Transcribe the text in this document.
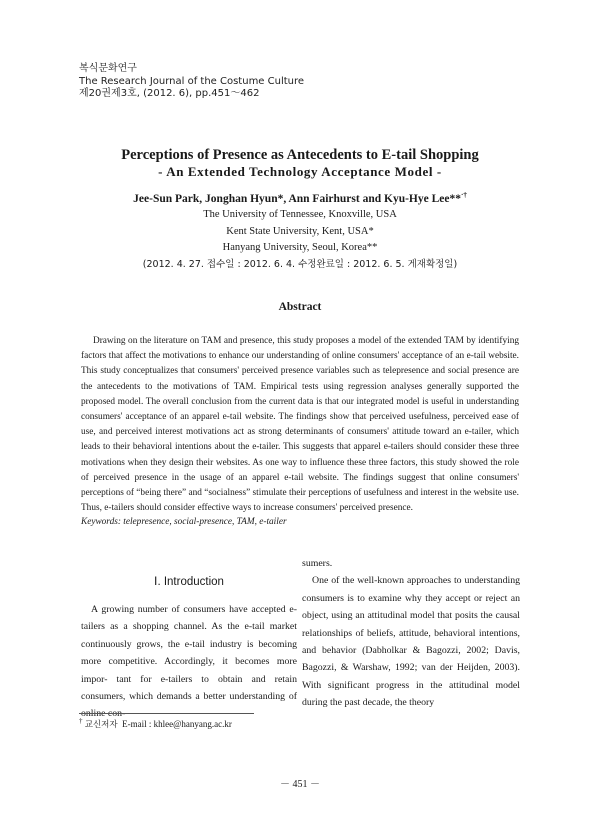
복식문화연구
The Research Journal of the Costume Culture
제20권제3호, (2012. 6), pp.451～462
Perceptions of Presence as Antecedents to E-tail Shopping
- An Extended Technology Acceptance Model -
Jee-Sun Park, Jonghan Hyun*, Ann Fairhurst and Kyu-Hye Lee**·†
The University of Tennessee, Knoxville, USA
Kent State University, Kent, USA*
Hanyang University, Seoul, Korea**
(2012. 4. 27. 접수일 : 2012. 6. 4. 수정완료일 : 2012. 6. 5. 게재확정일)
Abstract

Drawing on the literature on TAM and presence, this study proposes a model of the extended TAM by identifying factors that affect the motivations to enhance our understanding of online consumers' acceptance of an e-tail website. This study conceptualizes that consumers' perceived presence variables such as telepresence and social presence are the antecedents to the motivations of TAM. Empirical tests using regression analyses generally supported the proposed model. The overall conclusion from the current data is that our integrated model is useful in understanding consumers' acceptance of an apparel e-tail website. The findings show that perceived usefulness, perceived ease of use, and perceived interest motivations act as strong determinants of consumers' attitude toward an e-tailer, which leads to their behavioral intentions about the e-tailer. This suggests that apparel e-tailers should consider these three motivations when they design their websites. As one way to influence these three factors, this study showed the role of perceived presence in the usage of an apparel e-tail website. The findings suggest that online consumers' perceptions of “being there” and “socialness” stimulate their perceptions of usefulness and interest in the website use. Thus, e-tailers should consider effective ways to increase consumers' perceived presence.

Keywords: telepresence, social-presence, TAM, e-tailer
Ⅰ. Introduction

A growing number of consumers have accepted e-tailers as a shopping channel. As the e-tail market continuously grows, the e-tail industry is becoming more competitive. Accordingly, it becomes more impor- tant for e-tailers to obtain and retain consumers, which demands a better understanding of online con-

sumers.

One of the well-known approaches to understanding consumers is to examine why they accept or reject an object, using an attitudinal model that posits the causal relationships of beliefs, attitude, behavioral intentions, and behavior (Dabholkar & Bagozzi, 2002; Davis, Bagozzi, & Warshaw, 1992; van der Heijden, 2003). With significant progress in the attitudinal model during the past decade, the theory

† 교신저자 E-mail : khlee@hanyang.ac.kr
－ 451 －
